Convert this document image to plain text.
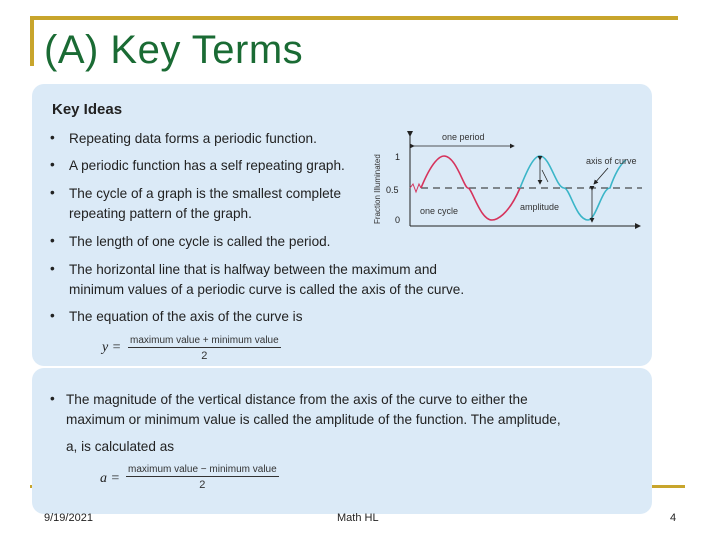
(A) Key Terms
Key Ideas
• Repeating data forms a periodic function.
• A periodic function has a self repeating graph.
• The cycle of a graph is the smallest complete
repeating pattern of the graph.
• The length of one cycle is called the period.
• The horizontal line that is halfway between the maximum and
minimum values of a periodic curve is called the axis of the curve.
• The equation of the axis of the curve is
y = maximum value + minimum value
2
• The magnitude of the vertical distance from the axis of the curve to either the
maximum or minimum value is called the amplitude of the function. The amplitude,
a, is calculated as
a =
maximum value − minimum value
2
Fraction Illuminated 1
0.5
0
one period
axis of curve
amplitude
one cycle
9/19/2021	Math HL	4
